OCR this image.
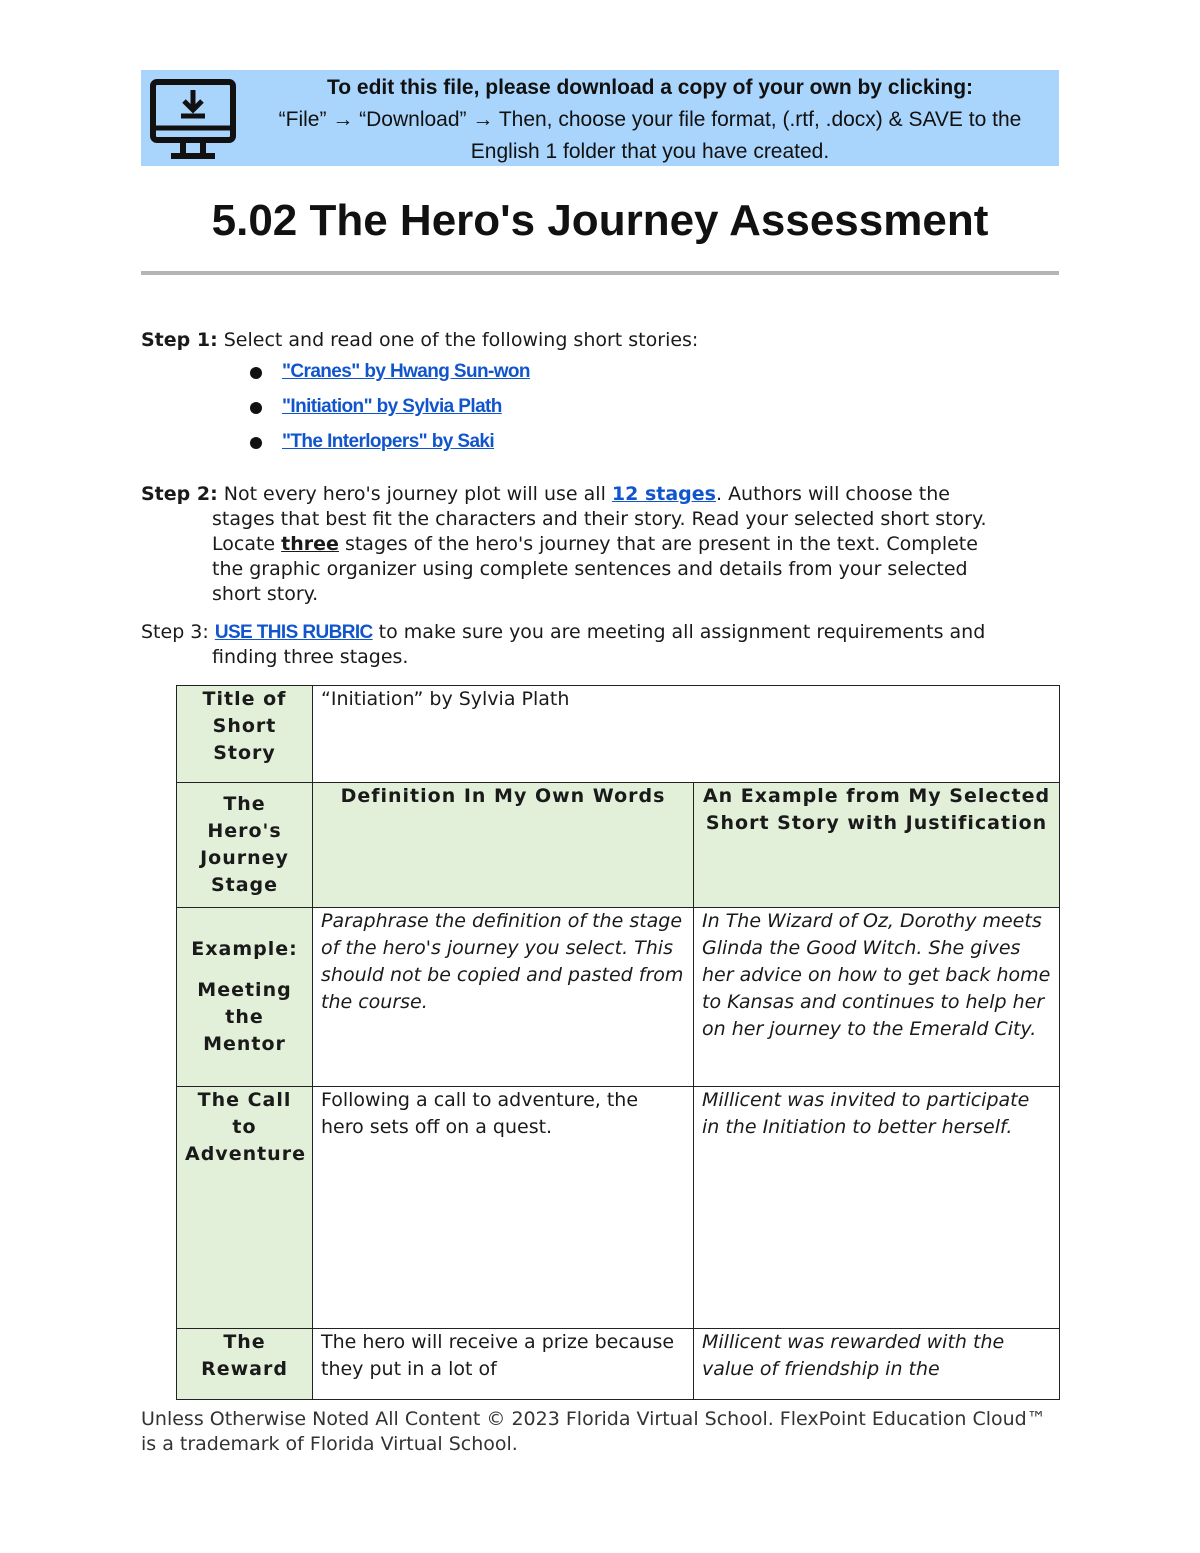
To edit this file, please download a copy of your own by clicking:
“File” → “Download” → Then, choose your file format, (.rtf, .docx) & SAVE to the
English 1 folder that you have created.
5.02 The Hero's Journey Assessment
Step 1: Select and read one of the following short stories:
"Cranes" by Hwang Sun-won
"Initiation" by Sylvia Plath
"The Interlopers" by Saki
Step 2: Not every hero's journey plot will use all 12 stages. Authors will choose the
stages that best fit the characters and their story. Read your selected short story.
Locate three stages of the hero's journey that are present in the text. Complete
the graphic organizer using complete sentences and details from your selected
short story.
Step 3: USE THIS RUBRIC to make sure you are meeting all assignment requirements and
finding three stages.
Title of Short Story	“Initiation” by Sylvia Plath	
The Hero's Journey Stage	Definition In My Own Words	An Example from My Selected Short Story with Justification

Example:
Meeting the Mentor	Paraphrase the definition of the stage of the hero's journey you select. This should not be copied and pasted from the course.	In The Wizard of Oz, Dorothy meets Glinda the Good Witch. She gives her advice on how to get back home to Kansas and continues to help her on her journey to the Emerald City.
The Call to Adventure	Following a call to adventure, the hero sets off on a quest.	Millicent was invited to participate in the Initiation to better herself.
The Reward	The hero will receive a prize because they put in a lot of	Millicent was rewarded with the value of friendship in the
Unless Otherwise Noted All Content © 2023 Florida Virtual School. FlexPoint Education Cloud™ is a trademark of Florida Virtual School.
